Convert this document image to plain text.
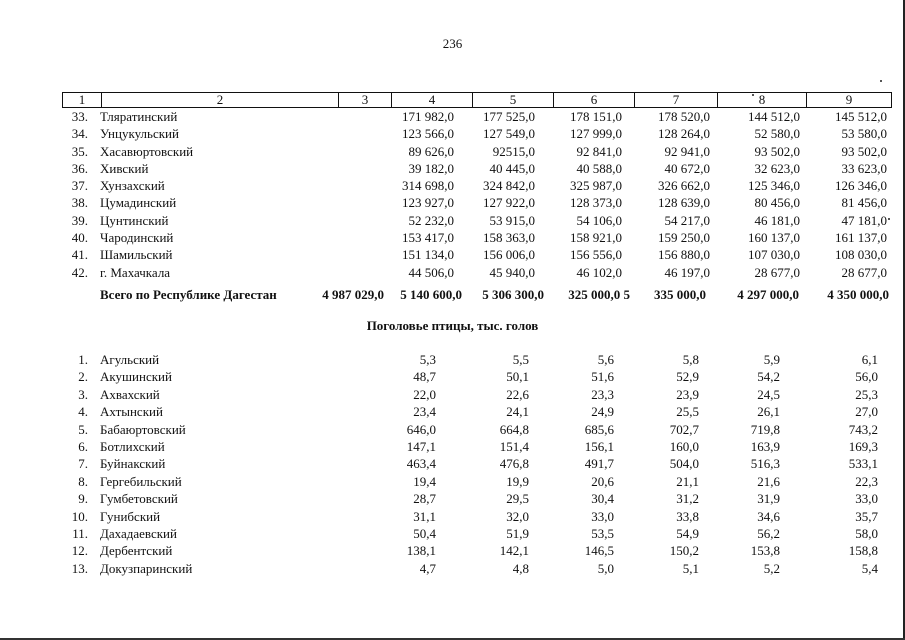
236
1	2	3	4	5	6	7	8	9
33. Тляратинский	171 982,0	177 525,0	178 151,0	178 520,0	144 512,0	145 512,0
34. Унцукульский	123 566,0	127 549,0	127 999,0	128 264,0	52 580,0	53 580,0
35. Хасавюртовский	89 626,0	92515,0	92 841,0	92 941,0	93 502,0	93 502,0
36. Хивский	39 182,0	40 445,0	40 588,0	40 672,0	32 623,0	33 623,0
37. Хунзахский	314 698,0	324 842,0	325 987,0	326 662,0	125 346,0	126 346,0
38. Цумадинский	123 927,0	127 922,0	128 373,0	128 639,0	80 456,0	81 456,0
39. Цунтинский	52 232,0	53 915,0	54 106,0	54 217,0	46 181,0	47 181,0
40. Чародинский	153 417,0	158 363,0	158 921,0	159 250,0	160 137,0	161 137,0
41. Шамильский	151 134,0	156 006,0	156 556,0	156 880,0	107 030,0	108 030,0
42. г. Махачкала	44 506,0	45 940,0	46 102,0	46 197,0	28 677,0	28 677,0
Всего по Республике Дагестан	4 987 029,0	5 140 600,0	5 306 300,0	325 000,0 5	335 000,0	4 297 000,0	4 350 000,0
Поголовье птицы, тыс. голов
1. Агульский	5,3	5,5	5,6	5,8	5,9	6,1
2. Акушинский	48,7	50,1	51,6	52,9	54,2	56,0
3. Ахвахский	22,0	22,6	23,3	23,9	24,5	25,3
4. Ахтынский	23,4	24,1	24,9	25,5	26,1	27,0
5. Бабаюртовский	646,0	664,8	685,6	702,7	719,8	743,2
6. Ботлихский	147,1	151,4	156,1	160,0	163,9	169,3
7. Буйнакский	463,4	476,8	491,7	504,0	516,3	533,1
8. Гергебильский	19,4	19,9	20,6	21,1	21,6	22,3
9. Гумбетовский	28,7	29,5	30,4	31,2	31,9	33,0
10. Гунибский	31,1	32,0	33,0	33,8	34,6	35,7
11. Дахадаевский	50,4	51,9	53,5	54,9	56,2	58,0
12. Дербентский	138,1	142,1	146,5	150,2	153,8	158,8
13. Докузпаринский	4,7	4,8	5,0	5,1	5,2	5,4
